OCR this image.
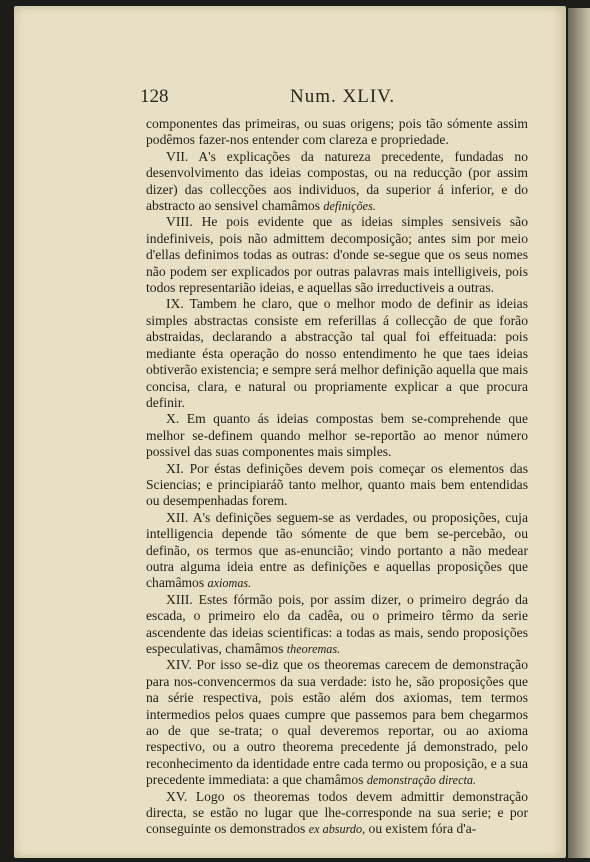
128	Num. XLIV.

componentes das primeiras, ou suas origens; pois tão sómente assim podêmos fazer-nos entender com clareza e propriedade.

VII. A's explicações da natureza precedente, fundadas no desenvolvimento das ideias compostas, ou na reducção (por assim dizer) das collecções aos individuos, da superior á inferior, e do abstracto ao sensivel chamâmos definições.

VIII. He pois evidente que as ideias simples sensiveis são indefiniveis, pois não admittem decomposição; antes sim por meio d'ellas definimos todas as outras: d'onde se-segue que os seus nomes não podem ser explicados por outras palavras mais intelligiveis, pois todos representarião ideias, e aquellas são irreductiveis a outras.

IX. Tambem he claro, que o melhor modo de definir as ideias simples abstractas consiste em referillas á collecção de que forão abstraidas, declarando a abstracção tal qual foi effeituada: pois mediante ésta operação do nosso entendimento he que taes ideias obtiverão existencia; e sempre será melhor definição aquella que mais concisa, clara, e natural ou propriamente explicar a que procura definir.

X. Em quanto ás ideias compostas bem se-comprehende que melhor se-definem quando melhor se-reportão ao menor número possivel das suas componentes mais simples.

XI. Por éstas definições devem pois começar os elementos das Sciencias; e principiaráõ tanto melhor, quanto mais bem entendidas ou desempenhadas forem.

XII. A's definições seguem-se as verdades, ou proposições, cuja intelligencia depende tão sómente de que bem se-percebão, ou definão, os termos que as-enuncião; vindo portanto a não medear outra alguma ideia entre as definições e aquellas proposições que chamâmos axiomas.

XIII. Estes fórmão pois, por assim dizer, o primeiro degráo da escada, o primeiro elo da cadêa, ou o primeiro têrmo da serie ascendente das ideias scientificas: a todas as mais, sendo proposições especulativas, chamâmos theoremas.

XIV. Por isso se-diz que os theoremas carecem de demonstração para nos-convencermos da sua verdade: isto he, são proposições que na série respectiva, pois estão além dos axiomas, tem termos intermedios pelos quaes cumpre que passemos para bem chegarmos ao de que se-trata; o qual deveremos reportar, ou ao axioma respectivo, ou a outro theorema precedente já demonstrado, pelo reconhecimento da identidade entre cada termo ou proposição, e a sua precedente immediata: a que chamâmos demonstração directa.

XV. Logo os theoremas todos devem admittir demonstração directa, se estão no lugar que lhe-corresponde na sua serie; e por conseguinte os demonstrados ex absurdo, ou existem fóra d'a-
